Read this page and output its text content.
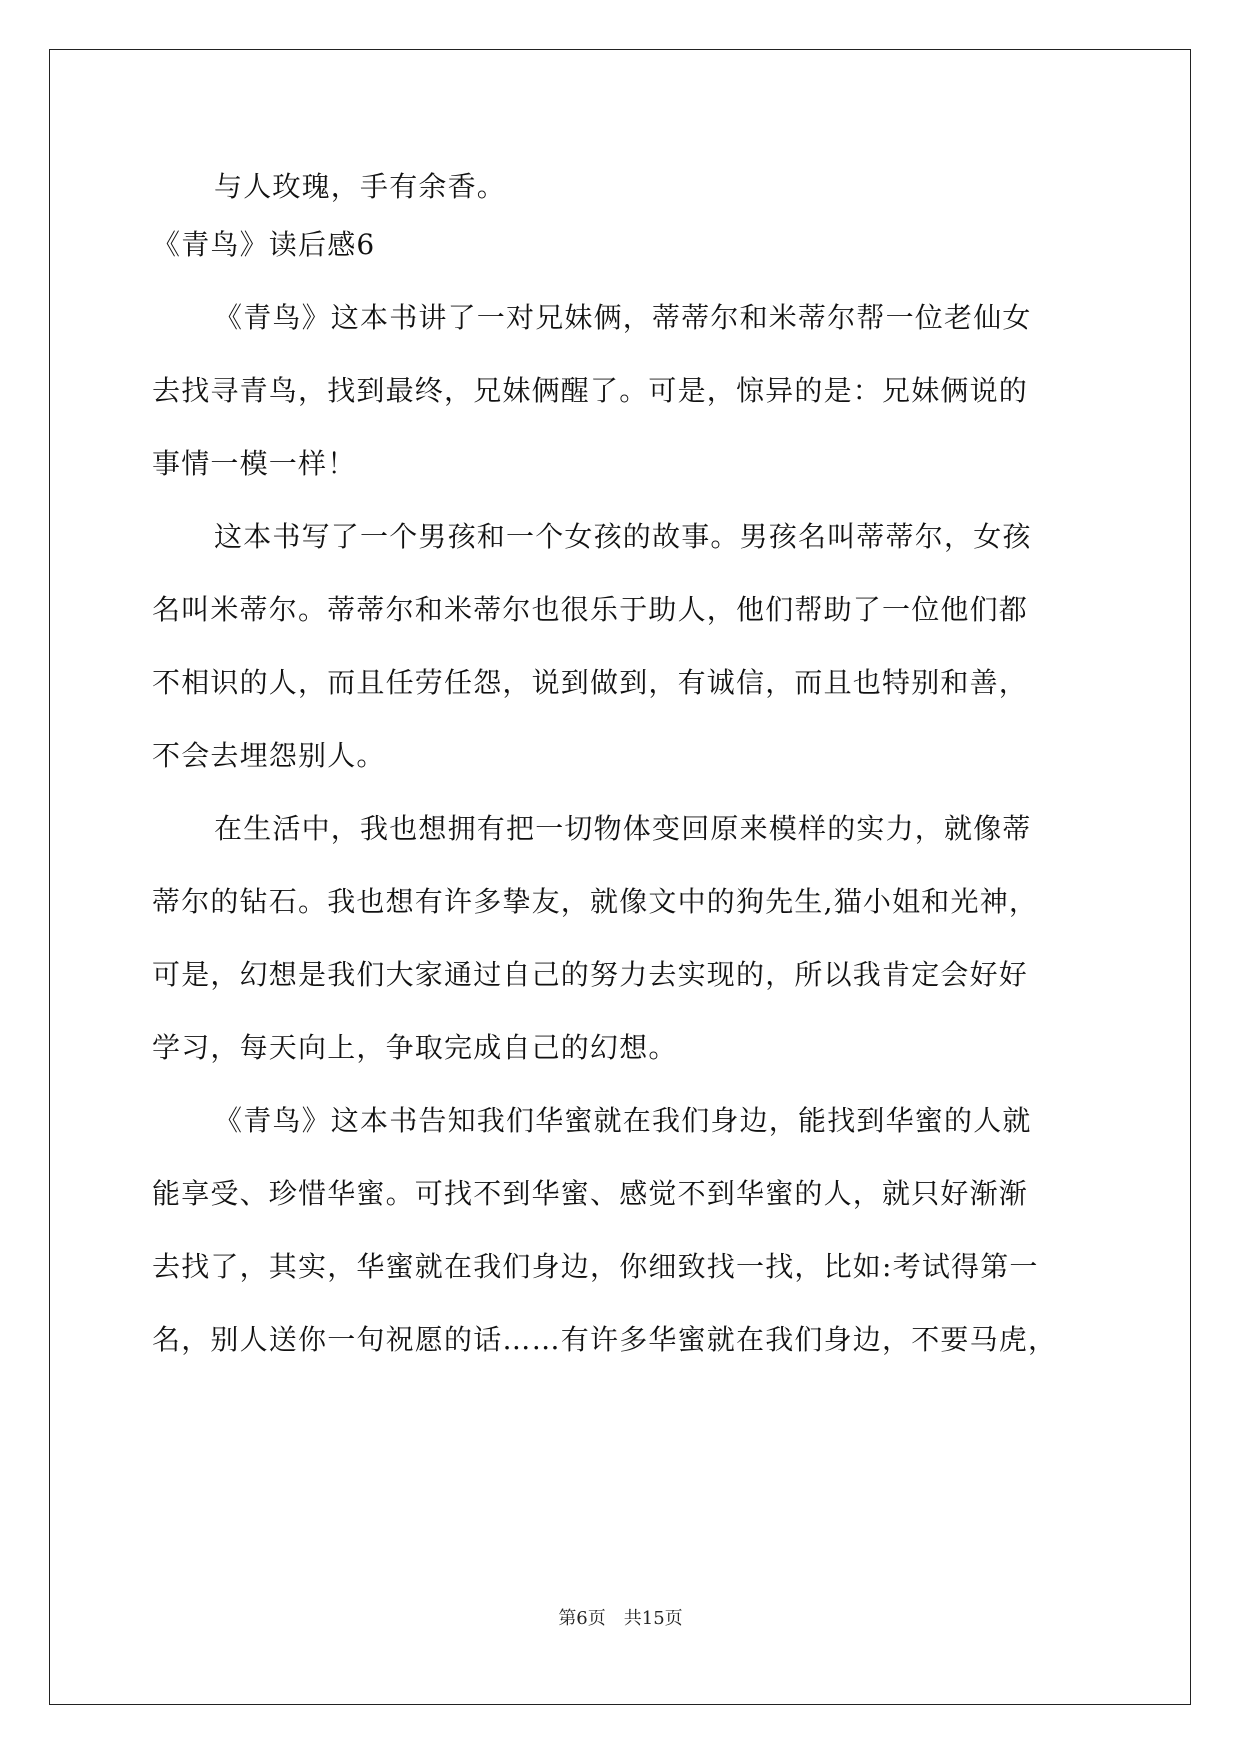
与人玫瑰，手有余香。
《青鸟》读后感6
《青鸟》这本书讲了一对兄妹俩，蒂蒂尔和米蒂尔帮一位老仙女
去找寻青鸟，找到最终，兄妹俩醒了。可是，惊异的是：兄妹俩说的
事情一模一样！
这本书写了一个男孩和一个女孩的故事。男孩名叫蒂蒂尔，女孩
名叫米蒂尔。蒂蒂尔和米蒂尔也很乐于助人，他们帮助了一位他们都
不相识的人，而且任劳任怨，说到做到，有诚信，而且也特别和善，
不会去埋怨别人。
在生活中，我也想拥有把一切物体变回原来模样的实力，就像蒂
蒂尔的钻石。我也想有许多挚友，就像文中的狗先生,猫小姐和光神，
可是，幻想是我们大家通过自己的努力去实现的，所以我肯定会好好
学习，每天向上，争取完成自己的幻想。
《青鸟》这本书告知我们华蜜就在我们身边，能找到华蜜的人就
能享受、珍惜华蜜。可找不到华蜜、感觉不到华蜜的人，就只好渐渐
去找了，其实，华蜜就在我们身边，你细致找一找，比如:考试得第一
名，别人送你一句祝愿的话……有许多华蜜就在我们身边，不要马虎，
第6页 共15页
